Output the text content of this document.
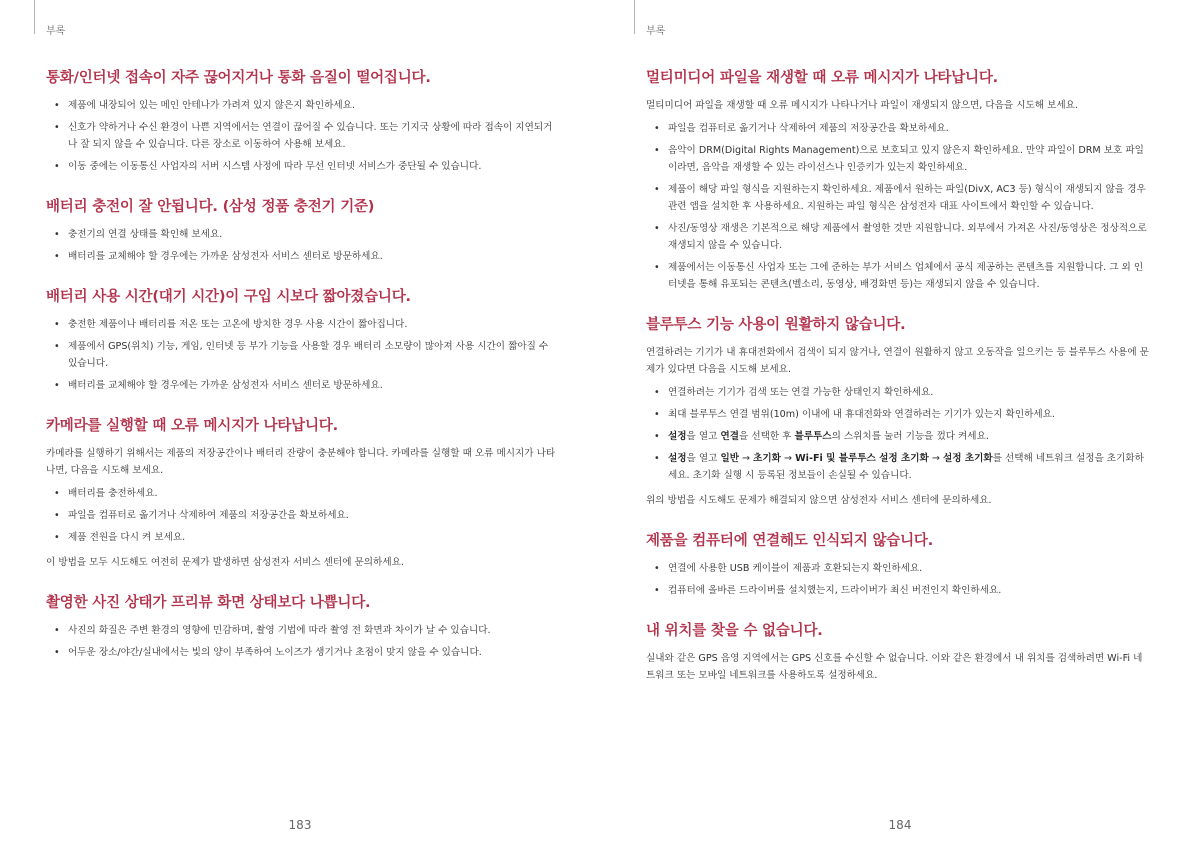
부록
통화/인터넷 접속이 자주 끊어지거나 통화 음질이 떨어집니다.
• 제품에 내장되어 있는 메인 안테나가 가려져 있지 않은지 확인하세요.
• 신호가 약하거나 수신 환경이 나쁜 지역에서는 연결이 끊어질 수 있습니다. 또는 기지국 상황에 따라 접속이 지연되거나 잘 되지 않을 수 있습니다. 다른 장소로 이동하여 사용해 보세요.
• 이동 중에는 이동통신 사업자의 서버 시스템 사정에 따라 무선 인터넷 서비스가 중단될 수 있습니다.
배터리 충전이 잘 안됩니다. (삼성 정품 충전기 기준)
• 충전기의 연결 상태를 확인해 보세요.
• 배터리를 교체해야 할 경우에는 가까운 삼성전자 서비스 센터로 방문하세요.
배터리 사용 시간(대기 시간)이 구입 시보다 짧아졌습니다.
• 충전한 제품이나 배터리를 저온 또는 고온에 방치한 경우 사용 시간이 짧아집니다.
• 제품에서 GPS(위치) 기능, 게임, 인터넷 등 부가 기능을 사용할 경우 배터리 소모량이 많아져 사용 시간이 짧아질 수 있습니다.
• 배터리를 교체해야 할 경우에는 가까운 삼성전자 서비스 센터로 방문하세요.
카메라를 실행할 때 오류 메시지가 나타납니다.

카메라를 실행하기 위해서는 제품의 저장공간이나 배터리 잔량이 충분해야 합니다. 카메라를 실행할 때 오류 메시지가 나타나면, 다음을 시도해 보세요.

• 배터리를 충전하세요.
• 파일을 컴퓨터로 옮기거나 삭제하여 제품의 저장공간을 확보하세요.
• 제품 전원을 다시 켜 보세요.

이 방법을 모두 시도해도 여전히 문제가 발생하면 삼성전자 서비스 센터에 문의하세요.

촬영한 사진 상태가 프리뷰 화면 상태보다 나쁩니다.
• 사진의 화질은 주변 환경의 영향에 민감하며, 촬영 기법에 따라 촬영 전 화면과 차이가 날 수 있습니다.
• 어두운 장소/야간/실내에서는 빛의 양이 부족하여 노이즈가 생기거나 초점이 맞지 않을 수 있습니다.
183
부록
멀티미디어 파일을 재생할 때 오류 메시지가 나타납니다.

멀티미디어 파일을 재생할 때 오류 메시지가 나타나거나 파일이 재생되지 않으면, 다음을 시도해 보세요.

• 파일을 컴퓨터로 옮기거나 삭제하여 제품의 저장공간을 확보하세요.
• 음악이 DRM(Digital Rights Management)으로 보호되고 있지 않은지 확인하세요. 만약 파일이 DRM 보호 파일이라면, 음악을 재생할 수 있는 라이선스나 인증키가 있는지 확인하세요.
• 제품이 해당 파일 형식을 지원하는지 확인하세요. 제품에서 원하는 파일(DivX, AC3 등) 형식이 재생되지 않을 경우 관련 앱을 설치한 후 사용하세요. 지원하는 파일 형식은 삼성전자 대표 사이트에서 확인할 수 있습니다.
• 사진/동영상 재생은 기본적으로 해당 제품에서 촬영한 것만 지원합니다. 외부에서 가져온 사진/동영상은 정상적으로 재생되지 않을 수 있습니다.
• 제품에서는 이동통신 사업자 또는 그에 준하는 부가 서비스 업체에서 공식 제공하는 콘텐츠를 지원합니다. 그 외 인터넷을 통해 유포되는 콘텐츠(벨소리, 동영상, 배경화면 등)는 재생되지 않을 수 있습니다.
블루투스 기능 사용이 원활하지 않습니다.

연결하려는 기기가 내 휴대전화에서 검색이 되지 않거나, 연결이 원활하지 않고 오동작을 일으키는 등 블루투스 사용에 문제가 있다면 다음을 시도해 보세요.

• 연결하려는 기기가 검색 또는 연결 가능한 상태인지 확인하세요.
• 최대 블루투스 연결 범위(10m) 이내에 내 휴대전화와 연결하려는 기기가 있는지 확인하세요.
• 설정을 열고 연결을 선택한 후 블루투스의 스위치를 눌러 기능을 껐다 켜세요.
• 설정을 열고 일반 → 초기화 → Wi-Fi 및 블루투스 설정 초기화 → 설정 초기화를 선택해 네트워크 설정을 초기화하세요. 초기화 실행 시 등록된 정보들이 손실될 수 있습니다.

위의 방법을 시도해도 문제가 해결되지 않으면 삼성전자 서비스 센터에 문의하세요.

제품을 컴퓨터에 연결해도 인식되지 않습니다.
• 연결에 사용한 USB 케이블이 제품과 호환되는지 확인하세요.
• 컴퓨터에 올바른 드라이버를 설치했는지, 드라이버가 최신 버전인지 확인하세요.
내 위치를 찾을 수 없습니다.

실내와 같은 GPS 음영 지역에서는 GPS 신호를 수신할 수 없습니다. 이와 같은 환경에서 내 위치를 검색하려면 Wi-Fi 네트워크 또는 모바일 네트워크를 사용하도록 설정하세요.

184
